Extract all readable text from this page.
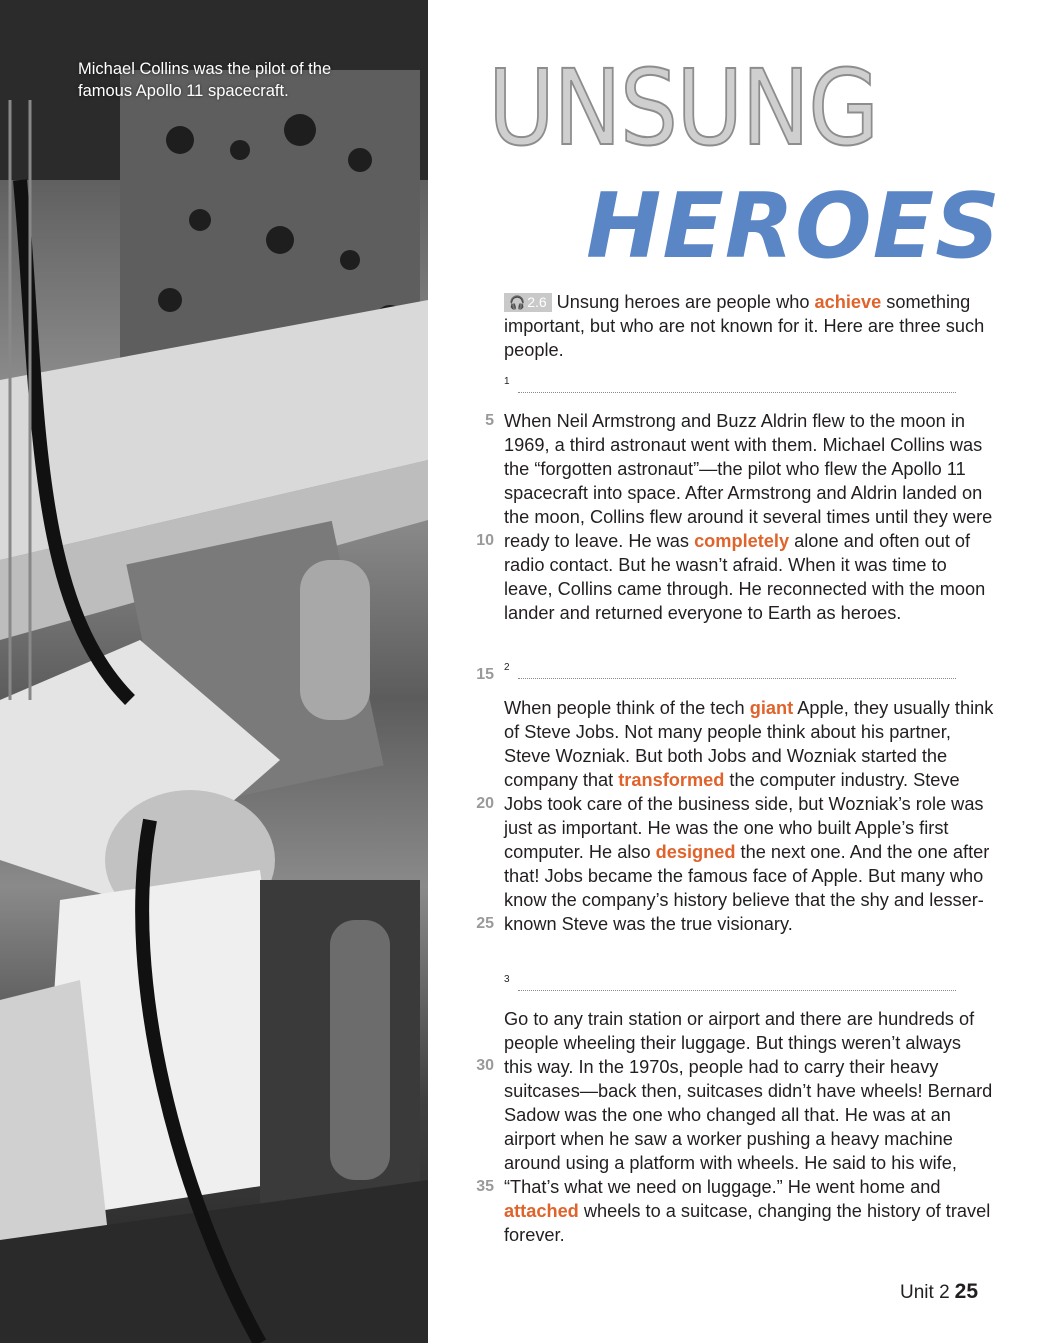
Michael Collins was the pilot of the famous Apollo 11 spacecraft.	UNSUNG
HEROES
🎧 2.6 Unsung heroes are people who achieve something important, but who are not known for it. Here are three such people.
1
When Neil Armstrong and Buzz Aldrin flew to the moon in 1969, a third astronaut went with them. Michael Collins was the “forgotten astronaut”—the pilot who flew the Apollo 11 spacecraft into space. After Armstrong and Aldrin landed on the moon, Collins flew around it several times until they were ready to leave. He was completely alone and often out of radio contact. But he wasn’t afraid. When it was time to leave, Collins came through. He reconnected with the moon lander and returned everyone to Earth as heroes.
2
When people think of the tech giant Apple, they usually think of Steve Jobs. Not many people think about his partner, Steve Wozniak. But both Jobs and Wozniak started the company that transformed the computer industry. Steve Jobs took care of the business side, but Wozniak’s role was just as important. He was the one who built Apple’s first computer. He also designed the next one. And the one after that! Jobs became the famous face of Apple. But many who know the company’s history believe that the shy and lesser-known Steve was the true visionary.
3
Go to any train station or airport and there are hundreds of people wheeling their luggage. But things weren’t always this way. In the 1970s, people had to carry their heavy suitcases—back then, suitcases didn’t have wheels! Bernard Sadow was the one who changed all that. He was at an airport when he saw a worker pushing a heavy machine around using a platform with wheels. He said to his wife, “That’s what we need on luggage.” He went home and attached wheels to a suitcase, changing the history of travel forever.
5
10
15
20
25
30
35
Unit 2 25
